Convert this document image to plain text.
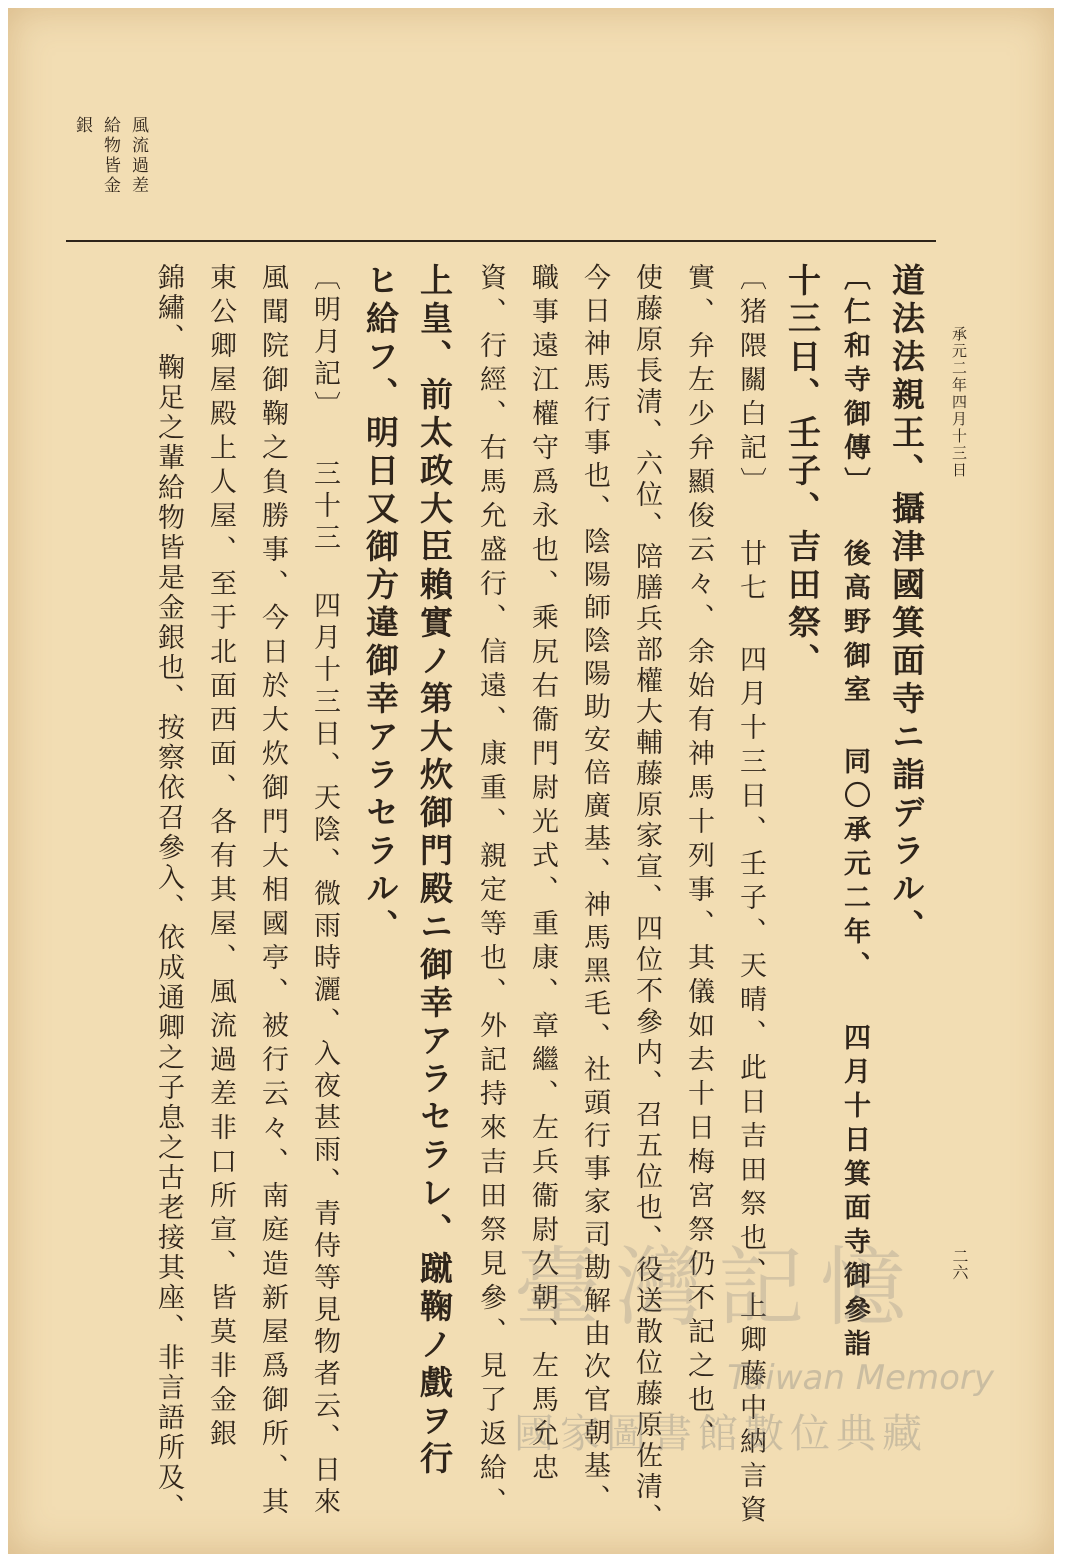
承元二年四月十三日
風流過差
給物皆金
銀
道法法親王、攝津國箕面寺ニ詣デラル、
〔仁和寺御傳〕 後高野御室 同〇承元二年、 四月十日箕面寺御參詣
十三日、壬子、吉田祭、
〔猪隈關白記〕 廿七 四月十三日、壬子、天晴、此日吉田祭也、上卿藤中納言資
實、弁左少弁顯俊云々、余始有神馬十列事、其儀如去十日梅宮祭仍不記之也、
使藤原長清、六位、陪膳兵部權大輔藤原家宣、四位不參内、召五位也、役送散位藤原佐清、
今日神馬行事也、陰陽師陰陽助安倍廣基、神馬黑毛、社頭行事家司勘解由次官朝基、
職事遠江權守爲永也、乘尻右衞門尉光式、重康、章繼、左兵衞尉久朝、左馬允忠
資、行經、右馬允盛行、信遠、康重、親定等也、外記持來吉田祭見參、見了返給、
上皇、前太政大臣賴實ノ第大炊御門殿ニ御幸アラセラレ、蹴鞠ノ戲ヲ行
ヒ給フ、明日又御方違御幸アラセラル、
〔明月記〕 三十三 四月十三日、天陰、微雨時灑、入夜甚雨、青侍等見物者云、日來
風聞院御鞠之負勝事、今日於大炊御門大相國亭、被行云々、南庭造新屋爲御所、其
東公卿屋殿上人屋、至于北面西面、各有其屋、風流過差非口所宣、皆莫非金銀
錦繡、鞠足之輩給物皆是金銀也、按察依召參入、依成通卿之子息之古老接其座、非言語所及、	二六
臺灣記憶
Taiwan Memory
國家圖書館數位典藏
